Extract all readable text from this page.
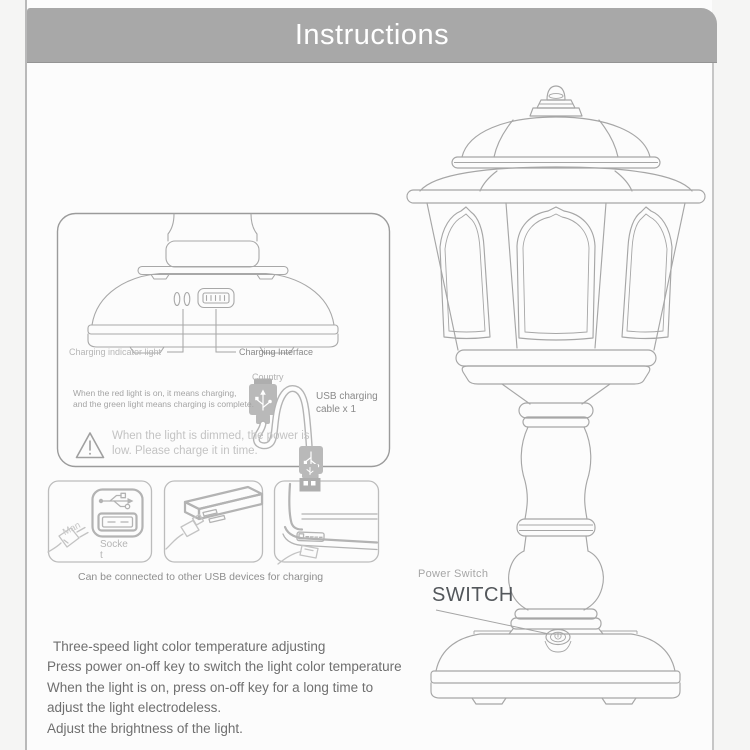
Instructions
Charging indicator light	Charging Interface
When the red light is on, it means charging,
and the green light means charging is complete.
When the light is dimmed, the power is low. Please charge it in time.
Country
USB charging cable x 1
Man
Socket
Can be connected to other USB devices for charging	Power Switch
SWITCH
Three-speed light color temperature adjusting
Press power on-off key to switch the light color temperature
When the light is on, press on-off key for a long time to
adjust the light electrodeless.
Adjust the brightness of the light.
